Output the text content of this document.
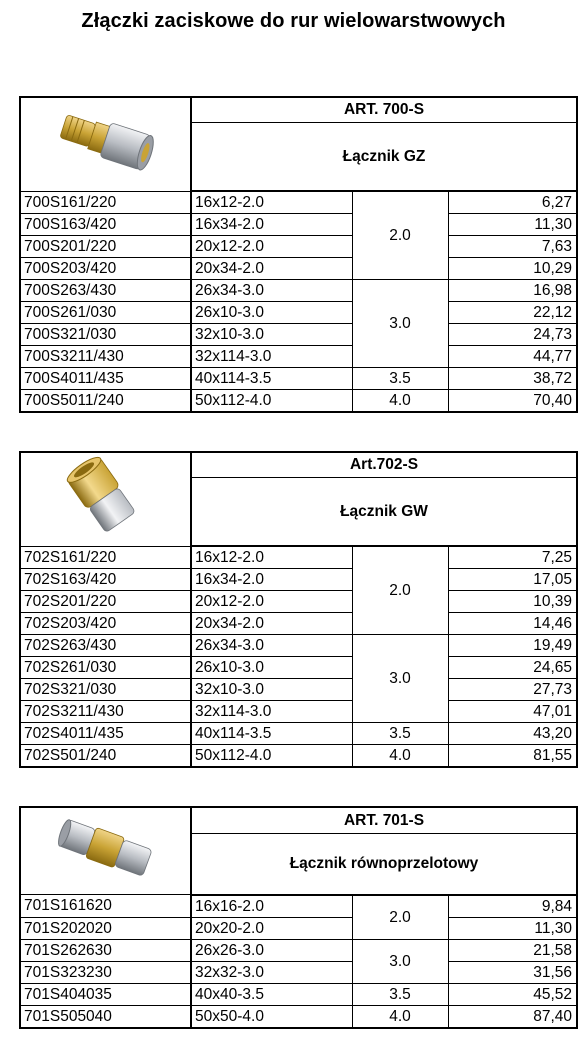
Złączki zaciskowe do rur wielowarstwowych
	ART. 700-S		
	Łącznik GZ		
700S161/220	16x12-2.0	2.0	6,27
700S163/420	16x34-2.0		11,30
700S201/220	20x12-2.0		7,63
700S203/420	20x34-2.0		10,29
700S263/430	26x34-3.0	3.0	16,98
700S261/030	26x10-3.0		22,12
700S321/030	32x10-3.0		24,73
700S3211/430	32x114-3.0		44,77
700S4011/435	40x114-3.5	3.5	38,72
700S5011/240	50x112-4.0	4.0	70,40
	Art.702-S		
	Łącznik GW		
702S161/220	16x12-2.0	2.0	7,25
702S163/420	16x34-2.0		17,05
702S201/220	20x12-2.0		10,39
702S203/420	20x34-2.0		14,46
702S263/430	26x34-3.0	3.0	19,49
702S261/030	26x10-3.0		24,65
702S321/030	32x10-3.0		27,73
702S3211/430	32x114-3.0		47,01
702S4011/435	40x114-3.5	3.5	43,20
702S501/240	50x112-4.0	4.0	81,55
	ART. 701-S		
	Łącznik równoprzelotowy		
701S161620	16x16-2.0	2.0	9,84
701S202020	20x20-2.0		11,30
701S262630	26x26-3.0	3.0	21,58
701S323230	32x32-3.0		31,56
701S404035	40x40-3.5	3.5	45,52
701S505040	50x50-4.0	4.0	87,40
